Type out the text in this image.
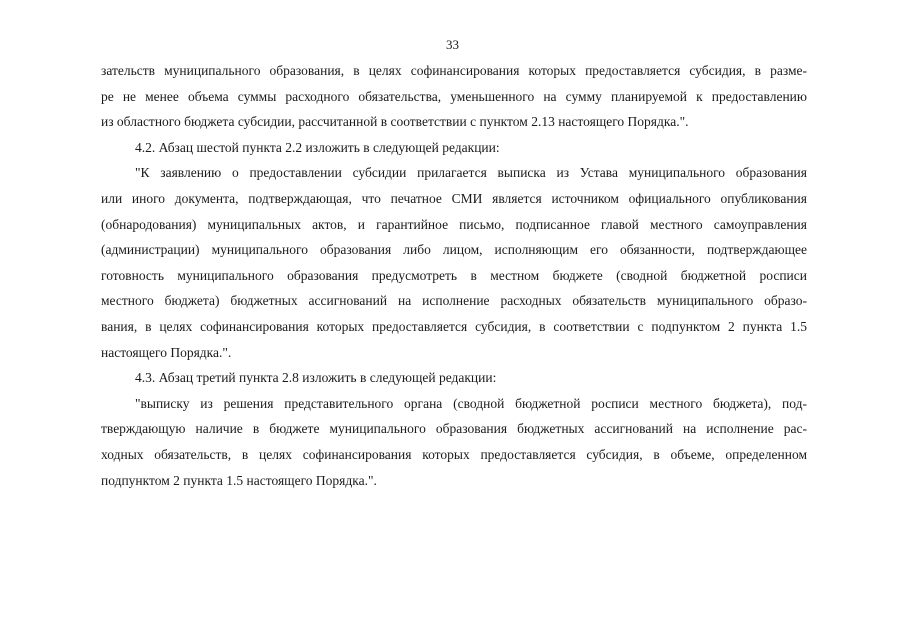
33
зательств муниципального образования, в целях софинансирования которых предоставляется субсидия, в разме-
ре не менее объема суммы расходного обязательства, уменьшенного на сумму планируемой к предоставлению
из областного бюджета субсидии, рассчитанной в соответствии с пунктом 2.13 настоящего Порядка.".
4.2. Абзац шестой пункта 2.2 изложить в следующей редакции:
"К заявлению о предоставлении субсидии прилагается выписка из Устава муниципального образования
или иного документа, подтверждающая, что печатное СМИ является источником официального опубликования
(обнародования) муниципальных актов, и гарантийное письмо, подписанное главой местного самоуправления
(администрации) муниципального образования либо лицом, исполняющим его обязанности, подтверждающее
готовность муниципального образования предусмотреть в местном бюджете (сводной бюджетной росписи
местного бюджета) бюджетных ассигнований на исполнение расходных обязательств муниципального образо-
вания, в целях софинансирования которых предоставляется субсидия, в соответствии с подпунктом 2 пункта 1.5
настоящего Порядка.".
4.3. Абзац третий пункта 2.8 изложить в следующей редакции:
"выписку из решения представительного органа (сводной бюджетной росписи местного бюджета), под-
тверждающую наличие в бюджете муниципального образования бюджетных ассигнований на исполнение рас-
ходных обязательств, в целях софинансирования которых предоставляется субсидия, в объеме, определенном
подпунктом 2 пункта 1.5 настоящего Порядка.".
